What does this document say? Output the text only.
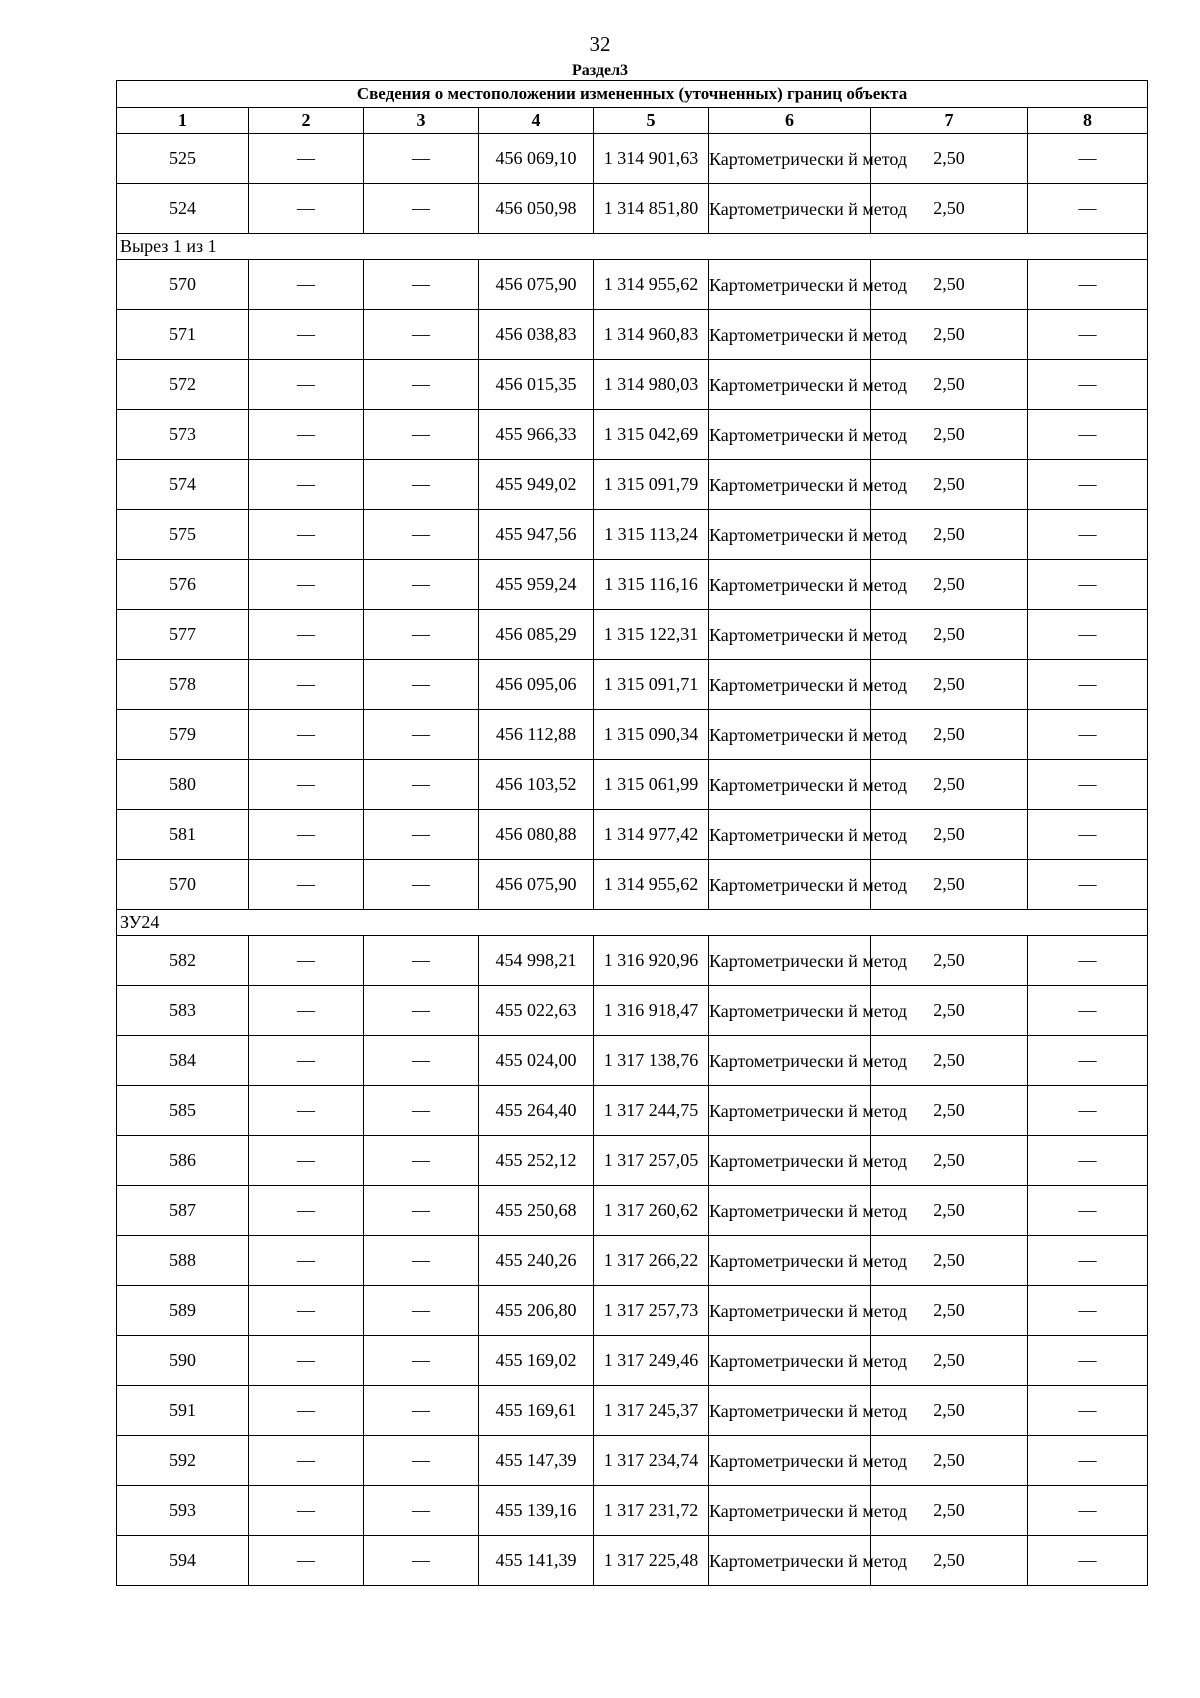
32
Раздел3
Сведения о местоположении измененных (уточненных) границ объекта							
1	2	3	4	5	6	7	8
525	—	—	456 069,10	1 314 901,63	Картометрически й метод	2,50	—
524	—	—	456 050,98	1 314 851,80	Картометрически й метод	2,50	—
Вырез 1 из 1							
570	—	—	456 075,90	1 314 955,62	Картометрически й метод	2,50	—
571	—	—	456 038,83	1 314 960,83	Картометрически й метод	2,50	—
572	—	—	456 015,35	1 314 980,03	Картометрически й метод	2,50	—
573	—	—	455 966,33	1 315 042,69	Картометрически й метод	2,50	—
574	—	—	455 949,02	1 315 091,79	Картометрически й метод	2,50	—
575	—	—	455 947,56	1 315 113,24	Картометрически й метод	2,50	—
576	—	—	455 959,24	1 315 116,16	Картометрически й метод	2,50	—
577	—	—	456 085,29	1 315 122,31	Картометрически й метод	2,50	—
578	—	—	456 095,06	1 315 091,71	Картометрически й метод	2,50	—
579	—	—	456 112,88	1 315 090,34	Картометрически й метод	2,50	—
580	—	—	456 103,52	1 315 061,99	Картометрически й метод	2,50	—
581	—	—	456 080,88	1 314 977,42	Картометрически й метод	2,50	—
570	—	—	456 075,90	1 314 955,62	Картометрически й метод	2,50	—
ЗУ24							
582	—	—	454 998,21	1 316 920,96	Картометрически й метод	2,50	—
583	—	—	455 022,63	1 316 918,47	Картометрически й метод	2,50	—
584	—	—	455 024,00	1 317 138,76	Картометрически й метод	2,50	—
585	—	—	455 264,40	1 317 244,75	Картометрически й метод	2,50	—
586	—	—	455 252,12	1 317 257,05	Картометрически й метод	2,50	—
587	—	—	455 250,68	1 317 260,62	Картометрически й метод	2,50	—
588	—	—	455 240,26	1 317 266,22	Картометрически й метод	2,50	—
589	—	—	455 206,80	1 317 257,73	Картометрически й метод	2,50	—
590	—	—	455 169,02	1 317 249,46	Картометрически й метод	2,50	—
591	—	—	455 169,61	1 317 245,37	Картометрически й метод	2,50	—
592	—	—	455 147,39	1 317 234,74	Картометрически й метод	2,50	—
593	—	—	455 139,16	1 317 231,72	Картометрически й метод	2,50	—
594	—	—	455 141,39	1 317 225,48	Картометрически й метод	2,50	—
